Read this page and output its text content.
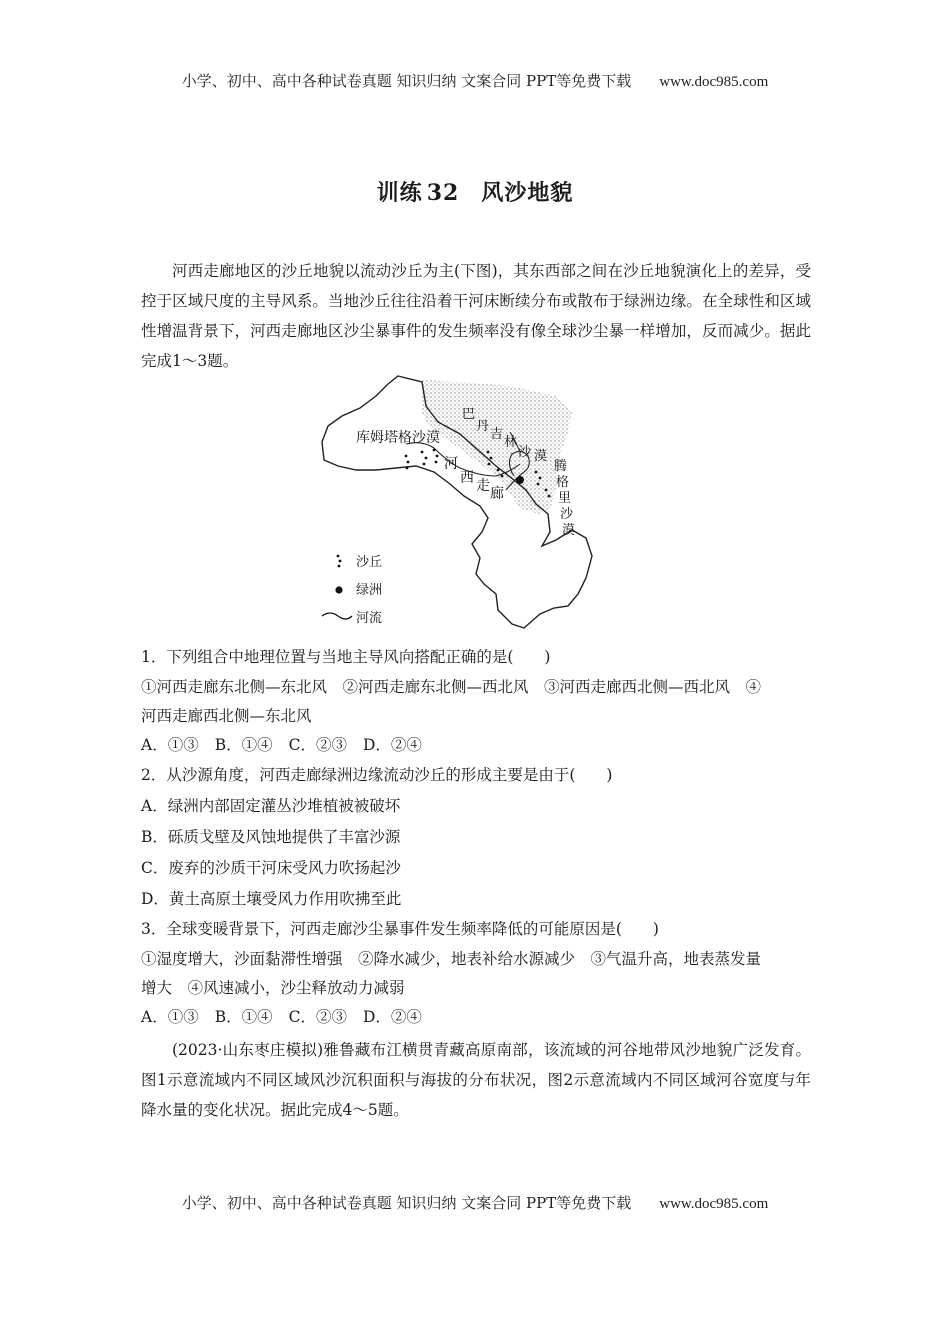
小学、初中、高中各种试卷真题 知识归纳 文案合同 PPT等免费下载 www.doc985.com
训练 32 风沙地貌
河西走廊地区的沙丘地貌以流动沙丘为主(下图)，其东西部之间在沙丘地貌演化上的差异，受控于区域尺度的主导风系。当地沙丘往往沿着干河床断续分布或散布于绿洲边缘。在全球性和区域性增温背景下，河西走廊地区沙尘暴事件的发生频率没有像全球沙尘暴一样增加，反而减少。据此完成1～3题。
库姆塔格沙漠
巴
丹
吉
林
沙 漠
河
西 走 廊
腾
格
里
沙
漠
沙丘
绿洲
河流
1．下列组合中地理位置与当地主导风向搭配正确的是(　　)
①河西走廊东北侧—东北风　②河西走廊东北侧—西北风　③河西走廊西北侧—西北风　④
河西走廊西北侧—东北风
A．①③ B．①④ C．②③ D．②④
2．从沙源角度，河西走廊绿洲边缘流动沙丘的形成主要是由于(　　)
A．绿洲内部固定灌丛沙堆植被被破坏
B．砾质戈壁及风蚀地提供了丰富沙源
C．废弃的沙质干河床受风力吹扬起沙
D．黄土高原土壤受风力作用吹拂至此
3．全球变暖背景下，河西走廊沙尘暴事件发生频率降低的可能原因是(　　)
①湿度增大，沙面黏滞性增强　②降水减少，地表补给水源减少　③气温升高，地表蒸发量
增大　④风速减小，沙尘释放动力减弱
A．①③ B．①④ C．②③ D．②④
(2023·山东枣庄模拟)雅鲁藏布江横贯青藏高原南部，该流域的河谷地带风沙地貌广泛发育。图1示意流域内不同区域风沙沉积面积与海拔的分布状况，图2示意流域内不同区域河谷宽度与年降水量的变化状况。据此完成4～5题。
小学、初中、高中各种试卷真题 知识归纳 文案合同 PPT等免费下载 www.doc985.com
